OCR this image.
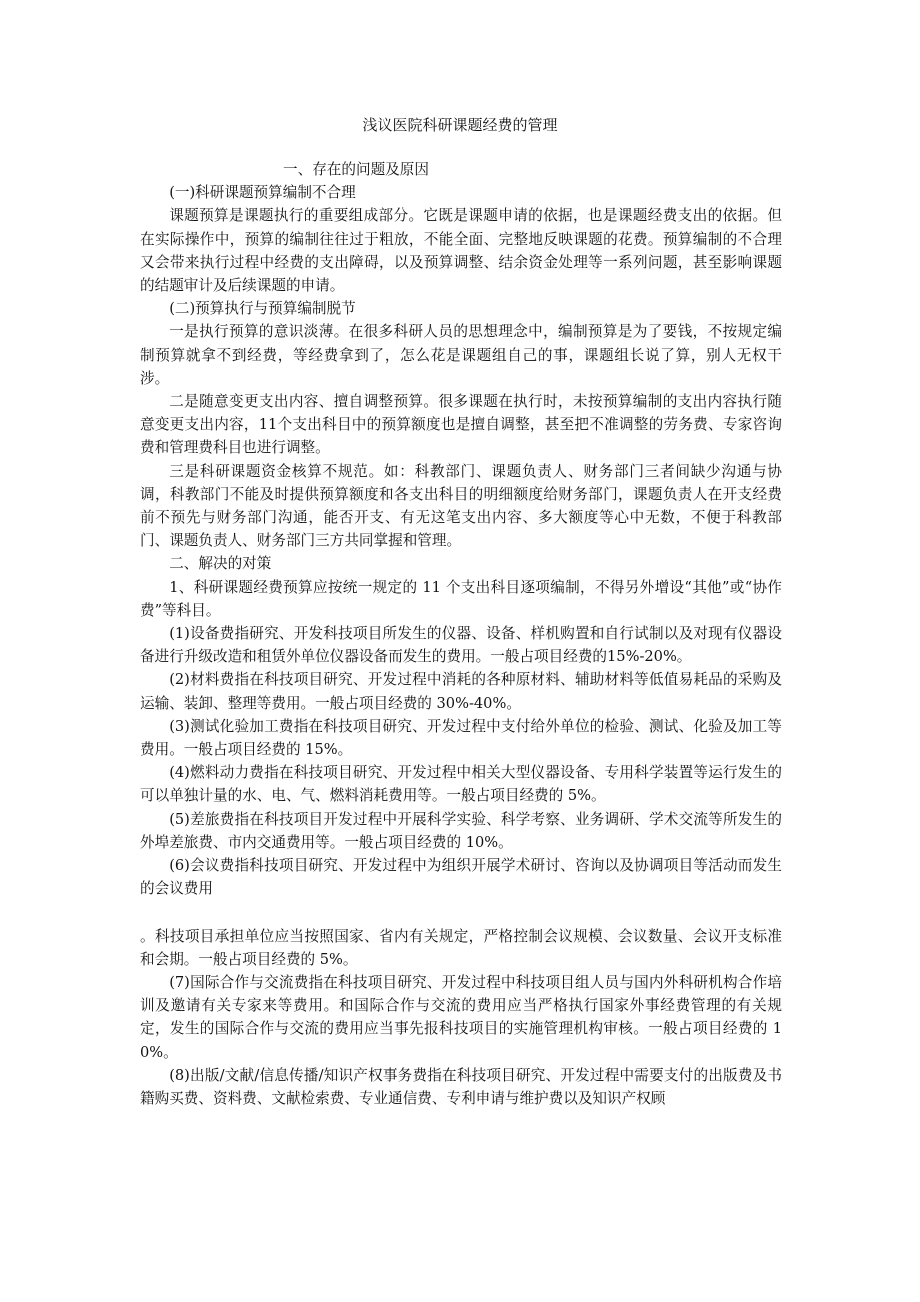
浅议医院科研课题经费的管理

一、存在的问题及原因

(一)科研课题预算编制不合理

课题预算是课题执行的重要组成部分。它既是课题申请的依据，也是课题经费支出的依据。但在实际操作中，预算的编制往往过于粗放，不能全面、完整地反映课题的花费。预算编制的不合理又会带来执行过程中经费的支出障碍，以及预算调整、结余资金处理等一系列问题，甚至影响课题的结题审计及后续课题的申请。

(二)预算执行与预算编制脱节

一是执行预算的意识淡薄。在很多科研人员的思想理念中，编制预算是为了要钱，不按规定编制预算就拿不到经费，等经费拿到了，怎么花是课题组自己的事，课题组长说了算，别人无权干涉。

二是随意变更支出内容、擅自调整预算。很多课题在执行时，未按预算编制的支出内容执行随意变更支出内容，11个支出科目中的预算额度也是擅自调整，甚至把不准调整的劳务费、专家咨询费和管理费科目也进行调整。

三是科研课题资金核算不规范。如：科教部门、课题负责人、财务部门三者间缺少沟通与协调，科教部门不能及时提供预算额度和各支出科目的明细额度给财务部门，课题负责人在开支经费前不预先与财务部门沟通，能否开支、有无这笔支出内容、多大额度等心中无数，不便于科教部门、课题负责人、财务部门三方共同掌握和管理。

二、解决的对策

1、科研课题经费预算应按统一规定的 11 个支出科目逐项编制，不得另外增设“其他”或“协作费”等科目。

(1)设备费指研究、开发科技项目所发生的仪器、设备、样机购置和自行试制以及对现有仪器设备进行升级改造和租赁外单位仪器设备而发生的费用。一般占项目经费的15%-20%。

(2)材料费指在科技项目研究、开发过程中消耗的各种原材料、辅助材料等低值易耗品的采购及运输、装卸、整理等费用。一般占项目经费的 30%-40%。

(3)测试化验加工费指在科技项目研究、开发过程中支付给外单位的检验、测试、化验及加工等费用。一般占项目经费的 15%。

(4)燃料动力费指在科技项目研究、开发过程中相关大型仪器设备、专用科学装置等运行发生的可以单独计量的水、电、气、燃料消耗费用等。一般占项目经费的 5%。

(5)差旅费指在科技项目开发过程中开展科学实验、科学考察、业务调研、学术交流等所发生的外埠差旅费、市内交通费用等。一般占项目经费的 10%。

(6)会议费指科技项目研究、开发过程中为组织开展学术研讨、咨询以及协调项目等活动而发生的会议费用

。科技项目承担单位应当按照国家、省内有关规定，严格控制会议规模、会议数量、会议开支标准和会期。一般占项目经费的 5%。

(7)国际合作与交流费指在科技项目研究、开发过程中科技项目组人员与国内外科研机构合作培训及邀请有关专家来等费用。和国际合作与交流的费用应当严格执行国家外事经费管理的有关规定，发生的国际合作与交流的费用应当事先报科技项目的实施管理机构审核。一般占项目经费的 10%。

(8)出版/文献/信息传播/知识产权事务费指在科技项目研究、开发过程中需要支付的出版费及书籍购买费、资料费、文献检索费、专业通信费、专利申请与维护费以及知识产权顾
